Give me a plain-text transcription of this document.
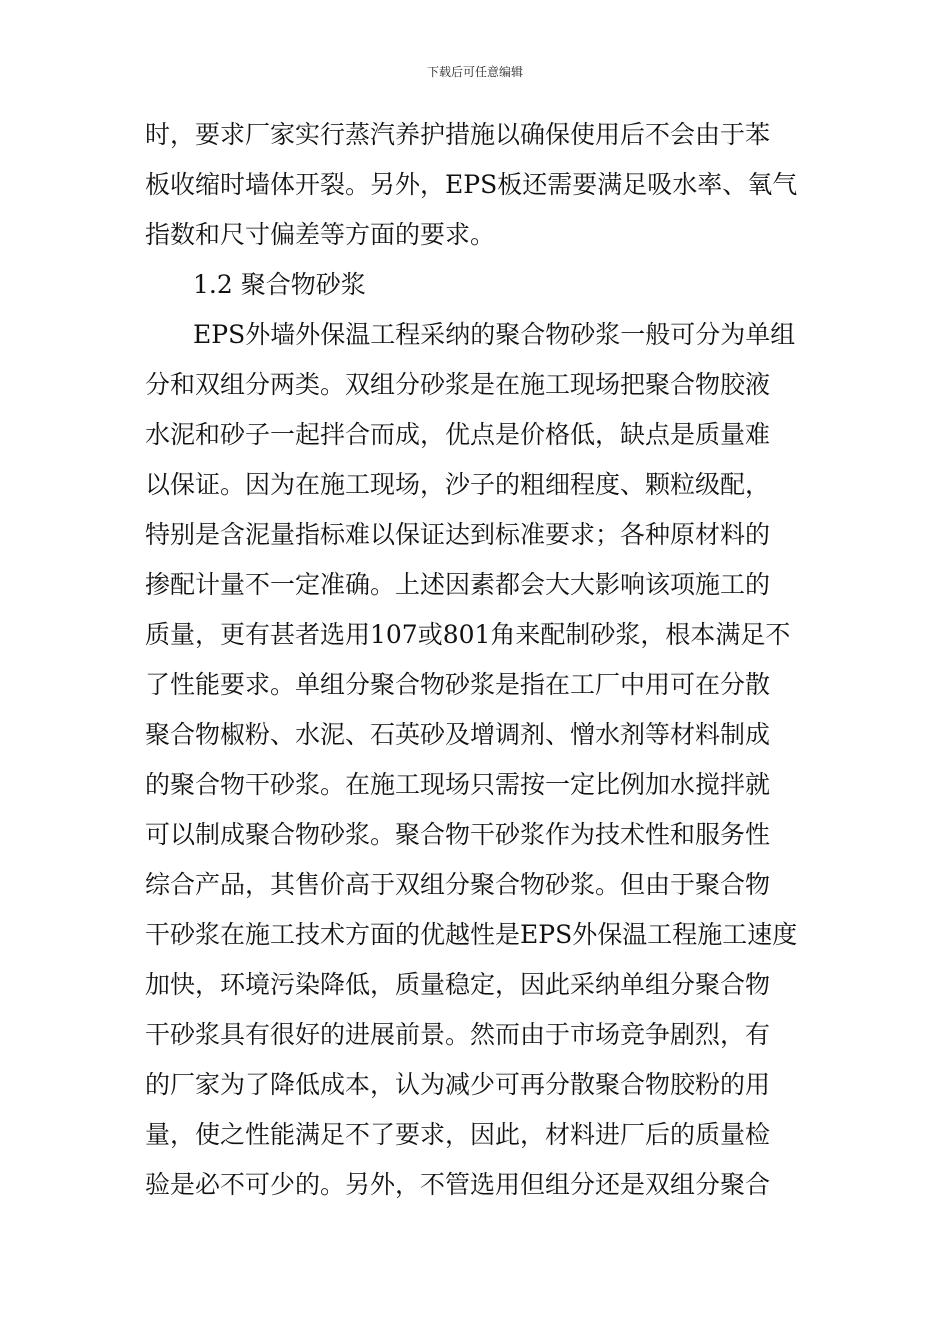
下载后可任意编辑
时，要求厂家实行蒸汽养护措施以确保使用后不会由于苯
板收缩时墙体开裂。另外，EPS板还需要满足吸水率、氧气
指数和尺寸偏差等方面的要求。
1.2 聚合物砂浆
EPS外墙外保温工程采纳的聚合物砂浆一般可分为单组
分和双组分两类。双组分砂浆是在施工现场把聚合物胶液
水泥和砂子一起拌合而成，优点是价格低，缺点是质量难
以保证。因为在施工现场，沙子的粗细程度、颗粒级配，
特别是含泥量指标难以保证达到标准要求；各种原材料的
掺配计量不一定准确。上述因素都会大大影响该项施工的
质量，更有甚者选用107或801角来配制砂浆，根本满足不
了性能要求。单组分聚合物砂浆是指在工厂中用可在分散
聚合物椒粉、水泥、石英砂及增调剂、憎水剂等材料制成
的聚合物干砂浆。在施工现场只需按一定比例加水搅拌就
可以制成聚合物砂浆。聚合物干砂浆作为技术性和服务性
综合产品，其售价高于双组分聚合物砂浆。但由于聚合物
干砂浆在施工技术方面的优越性是EPS外保温工程施工速度
加快，环境污染降低，质量稳定，因此采纳单组分聚合物
干砂浆具有很好的进展前景。然而由于市场竞争剧烈，有
的厂家为了降低成本，认为减少可再分散聚合物胶粉的用
量，使之性能满足不了要求，因此，材料进厂后的质量检
验是必不可少的。另外，不管选用但组分还是双组分聚合
